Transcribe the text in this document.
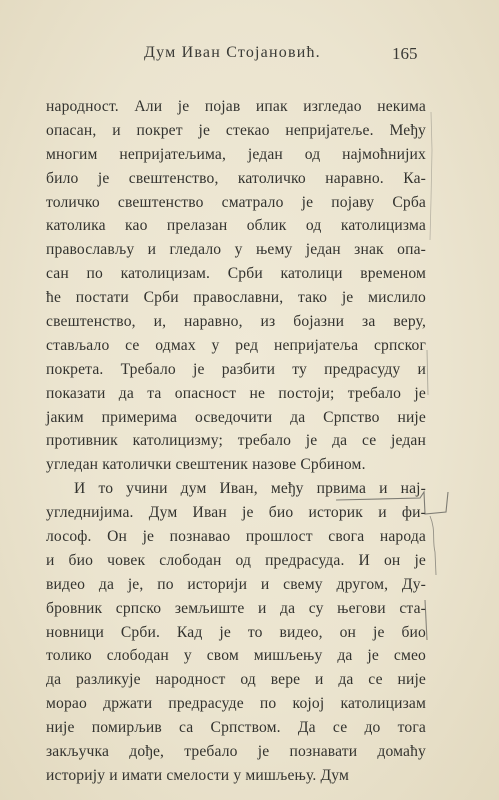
Дум Иван Стојановић.	165
народност. Али је појав ипак изгледао некима
опасан, и покрет је стекао непријатеље. Међу
многим непријатељима, један од најмоћнијих
било је свештенство, католичко наравно. Ка-
толичко свештенство сматрало је појаву Срба
католика као прелазан облик од католицизма
православљу и гледало у њему један знак опа-
сан по католицизам. Срби католици временом
ће постати Срби православни, тако је мислило
свештенство, и, наравно, из бојазни за веру,
стављало се одмах у ред непријатеља српског
покрета. Требало је разбити ту предрасуду и
показати да та опасност не постоји; требало је
јаким примерима осведочити да Српство није
противник католицизму; требало је да се један
угледан католички свештеник назове Србином.
И то учини дум Иван, међу првима и нај-
угледнијима. Дум Иван је био историк и фи-
лософ. Он је познавао прошлост свога народа
и био човек слободан од предрасуда. И он је
видео да је, по историји и свему другом, Ду-
бровник српско земљиште и да су његови ста-
новници Срби. Кад је то видео, он је био
толико слободан у свом мишљењу да је смео
да разликује народност од вере и да се није
морао држати предрасуде по којој католицизам
није помирљив са Српством. Да се до тога
закључка дође, требало је познавати домаћу
историју и имати смелости у мишљењу. Дум
